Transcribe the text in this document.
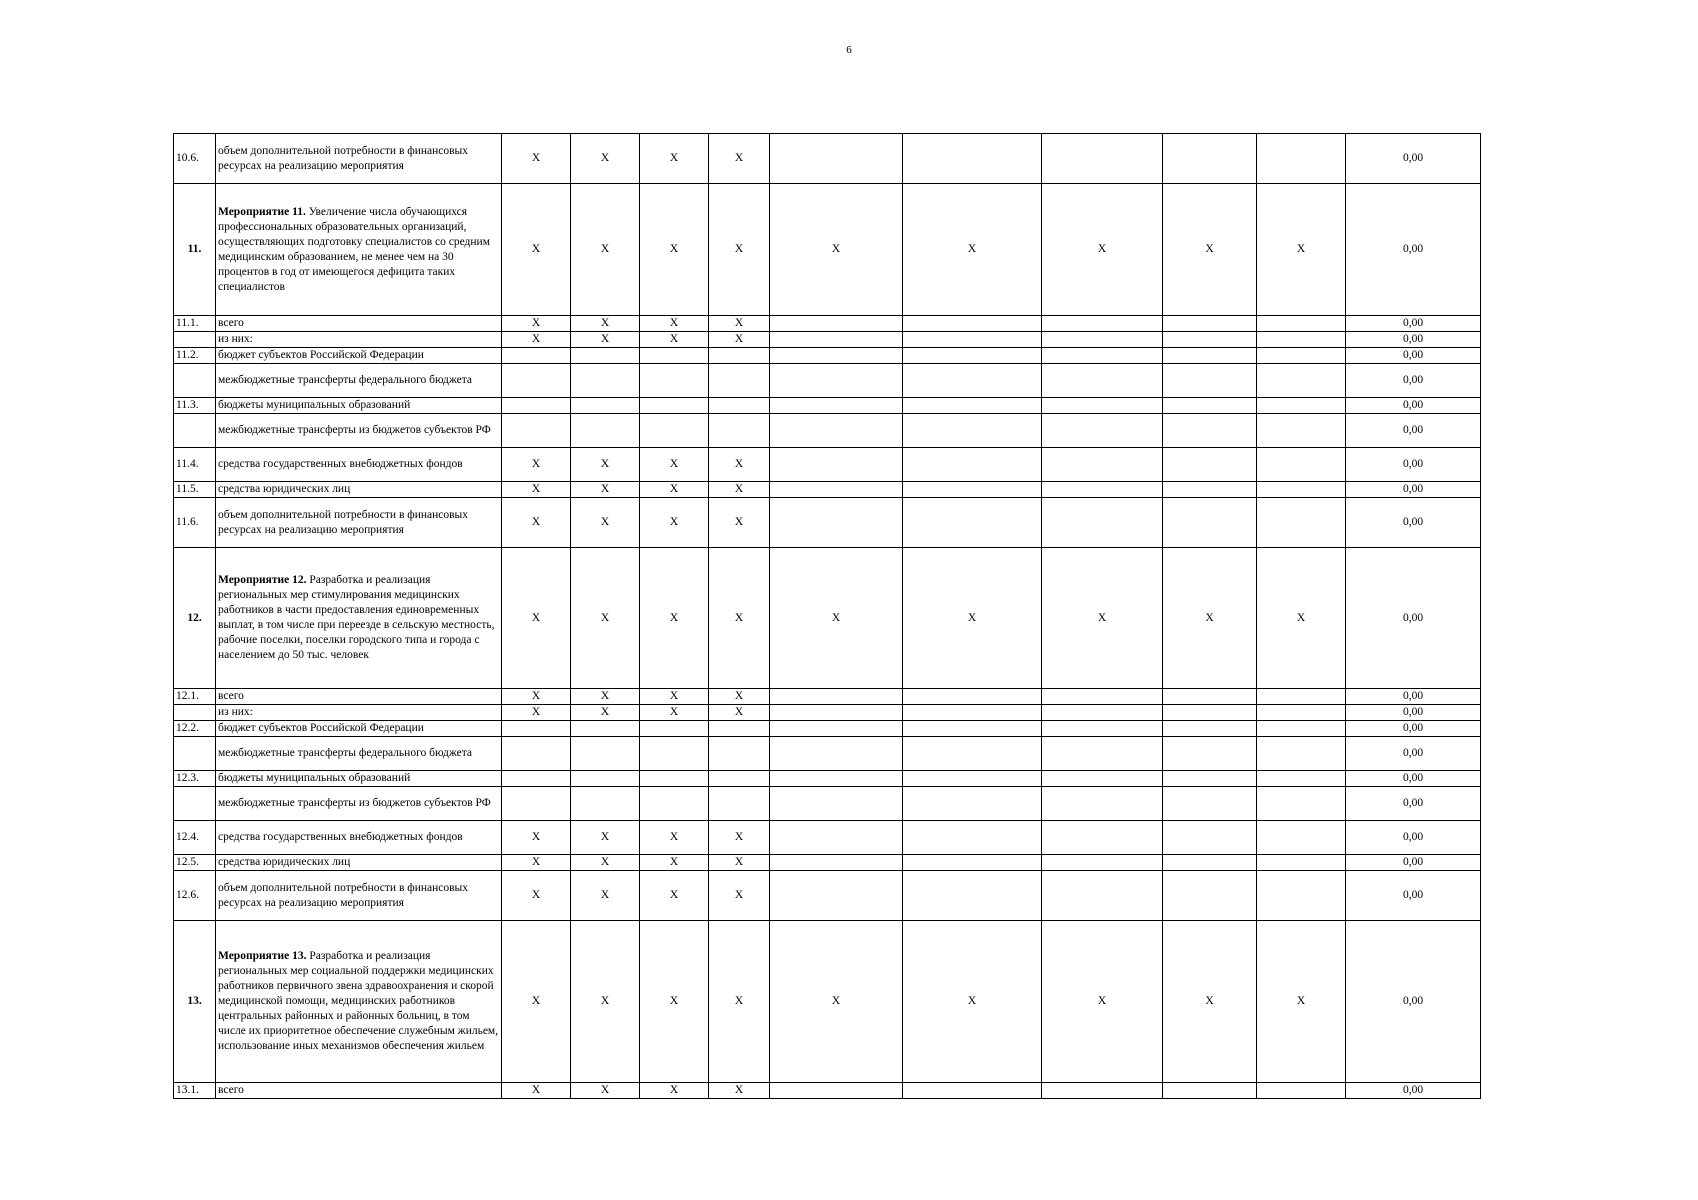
6
10.6.	объем дополнительной потребности в финансовых ресурсах на реализацию мероприятия	X	X	X	X						0,00
11.	Мероприятие 11. Увеличение числа обучающихся профессиональных образовательных организаций, осуществляющих подготовку специалистов со средним медицинским образованием, не менее чем на 30 процентов в год от имеющегося дефицита таких специалистов	X	X	X	X	X	X	X	X	X	0,00
11.1.	всего	X	X	X	X						0,00
	из них:	X	X	X	X						0,00
11.2.	бюджет субъектов Российской Федерации										0,00
	межбюджетные трансферты федерального бюджета										0,00
11.3.	бюджеты муниципальных образований										0,00
	межбюджетные трансферты из бюджетов субъектов РФ										0,00
11.4.	средства государственных внебюджетных фондов	X	X	X	X						0,00
11.5.	средства юридических лиц	X	X	X	X						0,00
11.6.	объем дополнительной потребности в финансовых ресурсах на реализацию мероприятия	X	X	X	X						0,00
12.	Мероприятие 12. Разработка и реализация региональных мер стимулирования медицинских работников в части предоставления единовременных выплат, в том числе при переезде в сельскую местность, рабочие поселки, поселки городского типа и города с населением до 50 тыс. человек	X	X	X	X	X	X	X	X	X	0,00
12.1.	всего	X	X	X	X						0,00
	из них:	X	X	X	X						0,00
12.2.	бюджет субъектов Российской Федерации										0,00
	межбюджетные трансферты федерального бюджета										0,00
12.3.	бюджеты муниципальных образований										0,00
	межбюджетные трансферты из бюджетов субъектов РФ										0,00
12.4.	средства государственных внебюджетных фондов	X	X	X	X						0,00
12.5.	средства юридических лиц	X	X	X	X						0,00
12.6.	объем дополнительной потребности в финансовых ресурсах на реализацию мероприятия	X	X	X	X						0,00
13.	Мероприятие 13. Разработка и реализация региональных мер социальной поддержки медицинских работников первичного звена здравоохранения и скорой медицинской помощи, медицинских работников центральных районных и районных больниц, в том числе их приоритетное обеспечение служебным жильем, использование иных механизмов обеспечения жильем	X	X	X	X	X	X	X	X	X	0,00
13.1.	всего	X	X	X	X						0,00
